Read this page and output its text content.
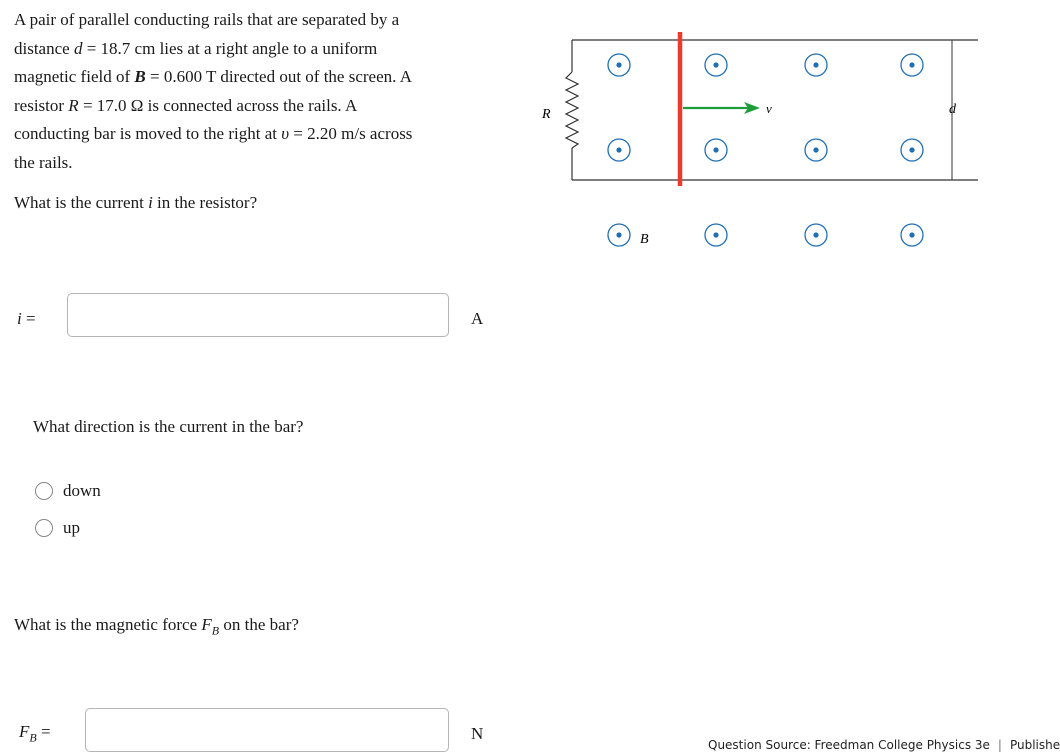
A pair of parallel conducting rails that are separated by a

distance d = 18.7 cm lies at a right angle to a uniform

magnetic field of B = 0.600 T directed out of the screen. A

resistor R = 17.0 Ω is connected across the rails. A

conducting bar is moved to the right at υ = 2.20 m/s across

the rails.

What is the current i in the resistor?

R	d
B
v
i =	A
What direction is the current in the bar?
down
up
What is the magnetic force $F_B$ on the bar?
$F_B$ =	N
Question Source: Freedman College Physics 3e | Publishe
